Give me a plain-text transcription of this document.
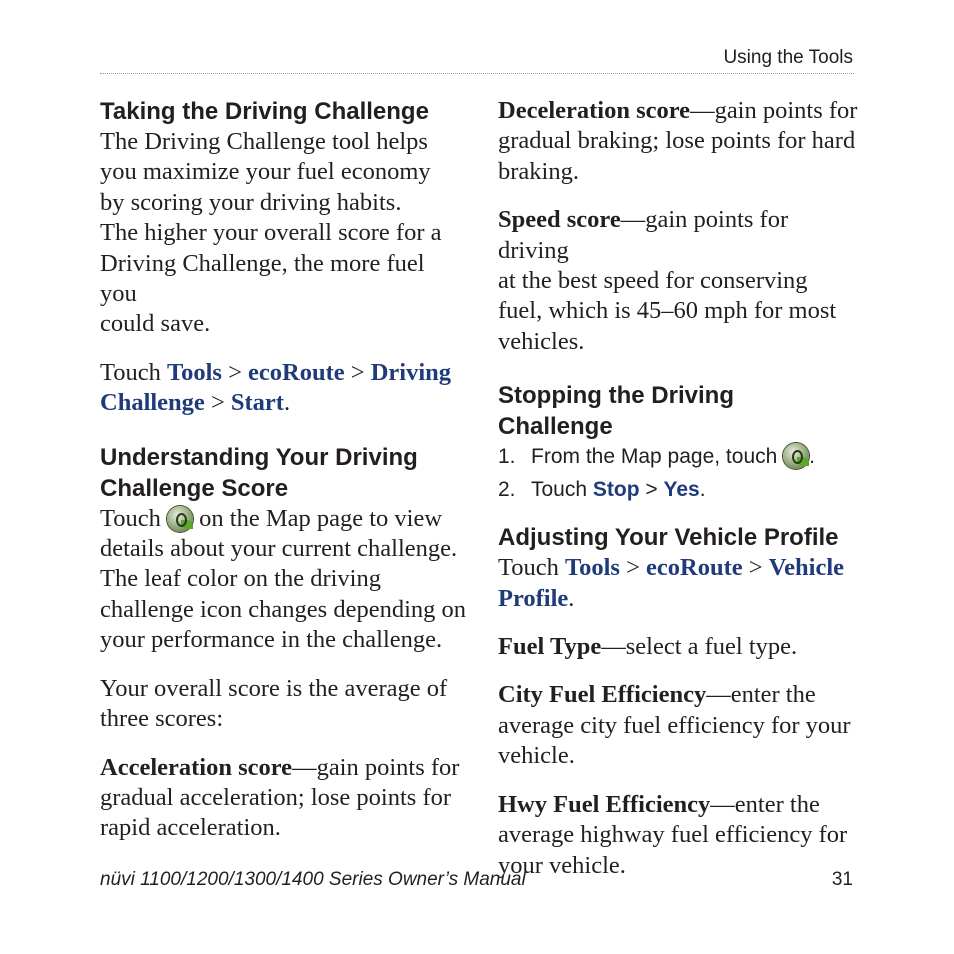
Using the Tools
Taking the Driving Challenge

The Driving Challenge tool helps
you maximize your fuel economy
by scoring your driving habits.
The higher your overall score for a
Driving Challenge, the more fuel you
could save.

Touch Tools > ecoRoute > Driving
Challenge > Start.

Understanding Your Driving
Challenge Score

Touch
on the Map page to view
details about your current challenge.
The leaf color on the driving
challenge icon changes depending on
your performance in the challenge.

Your overall score is the average of
three scores:

Acceleration score—gain points for
gradual acceleration; lose points for
rapid acceleration.

Deceleration score—gain points for
gradual braking; lose points for hard
braking.

Speed score—gain points for driving
at the best speed for conserving
fuel, which is 45–60 mph for most
vehicles.

Stopping the Driving
Challenge
1. From the Map page, touch .
2. Touch Stop > Yes.
Adjusting Your Vehicle Profile

Touch Tools > ecoRoute > Vehicle
Profile.

Fuel Type—select a fuel type.

City Fuel Efficiency—enter the
average city fuel efficiency for your
vehicle.

Hwy Fuel Efficiency—enter the
average highway fuel efficiency for
your vehicle.

nüvi 1100/1200/1300/1400 Series Owner’s Manual	31
